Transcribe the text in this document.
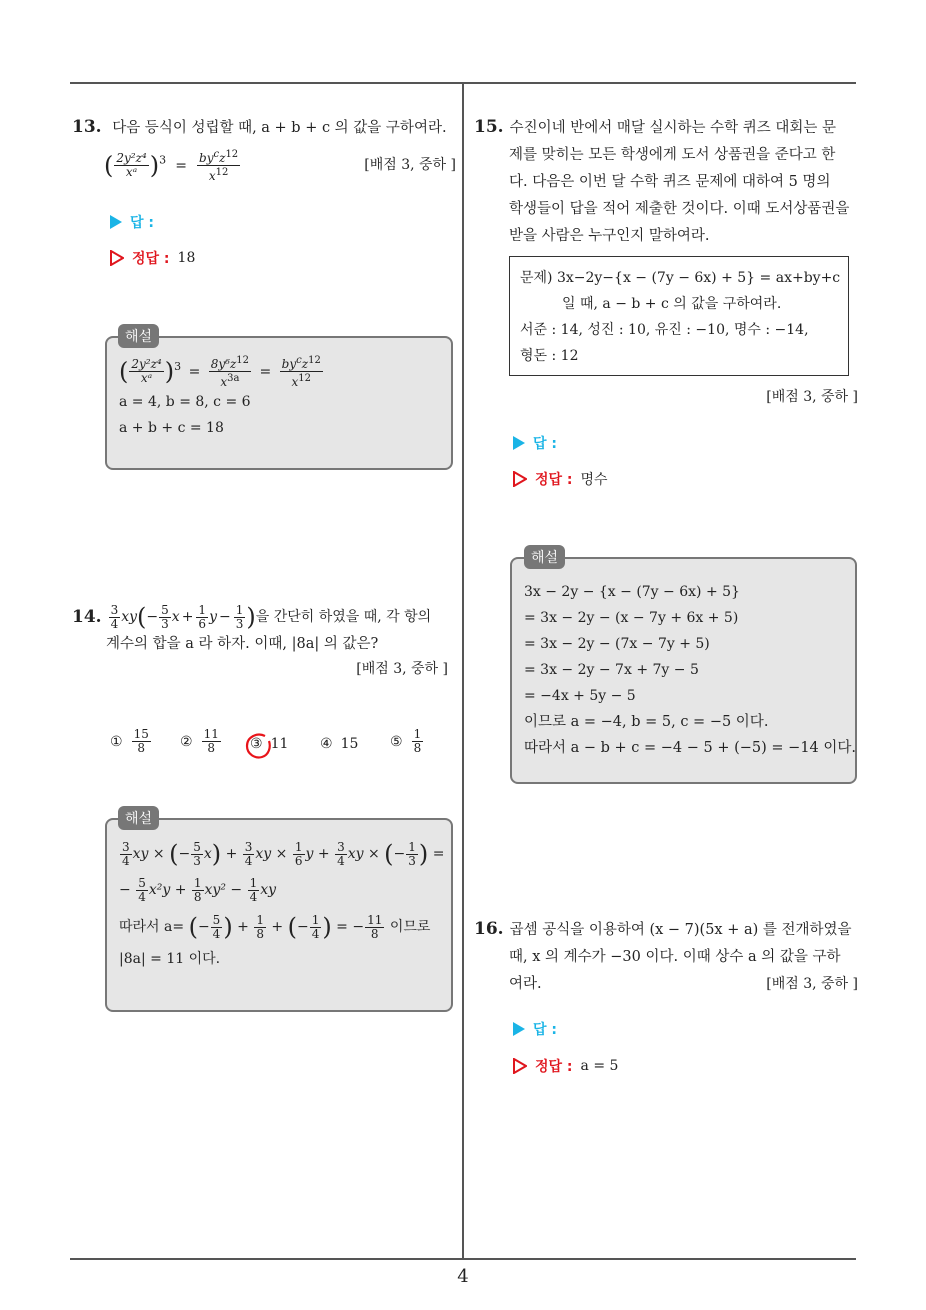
4
13. 다음 등식이 성립할 때, a + b + c 의 값을 구하여라.
( $\frac{\text{2y²z⁴}}{\text{xᵃ}} )^3 = \frac{by^cz^{12}}{x^{12}}$	[배점 3, 중하 ]
답 :
정답 : 18
( $\frac{\text{2y²z⁴}}{\text{xᵃ}} )^3 = \frac{8y^6z^{12}}{x^{3a}} = \frac{by^cz^{12}}{x^{12}}$
a = 4, b = 8, c = 6
a + b + c = 18
해설
14. $\frac{3}{4}$ xy ( − $\frac{5}{3}$ $x + \frac{1}{6}$ $y - \frac{1}{3}$ ) 을 간단히 하였을 때, 각 항의
계수의 합을 a 라 하자. 이때, |8a| 의 값은?
[배점 3, 중하 ]
① $\frac{15}{8}$ ② $\frac{11}{8}$ ③ 11 ④ 15 ⑤ $\frac{1}{8}$
$\frac{3}{4}$ xy × (− $\frac{5}{3} x) + \frac{3}{4}$ xy × $\frac{1}{6}$ $y + \frac{3}{4}$ xy × (− $\frac{1}{3}$ ) =
− $\frac{5}{4} x^2y + \frac{1}{8} xy^2 - \frac{1}{4}$ xy
따라서 a= (− $\frac{5}{4}$ ) + $\frac{1}{8}$ + (− $\frac{1}{4}$ ) = − $\frac{11}{8}$ 이므로
|8a| = 11 이다.
해설
15. 수진이네 반에서 매달 실시하는 수학 퀴즈 대회는 문
제를 맞히는 모든 학생에게 도서 상품권을 준다고 한
다. 다음은 이번 달 수학 퀴즈 문제에 대하여 5 명의
학생들이 답을 적어 제출한 것이다. 이때 도서상품권을
받을 사람은 누구인지 말하여라.
문제) 3x−2y−{x − (7y − 6x) + 5} = ax+by+c
일 때, a − b + c 의 값을 구하여라.
서준 : 14, 성진 : 10, 유진 : −10, 명수 : −14,
형돈 : 12
[배점 3, 중하 ]
답 :
정답 : 명수
3x − 2y − {x − (7y − 6x) + 5}
= 3x − 2y − (x − 7y + 6x + 5)
= 3x − 2y − (7x − 7y + 5)
= 3x − 2y − 7x + 7y − 5
= −4x + 5y − 5
이므로 a = −4, b = 5, c = −5 이다.
따라서 a − b + c = −4 − 5 + (−5) = −14 이다.
해설
16. 곱셈 공식을 이용하여 (x − 7)(5x + a) 를 전개하였을
때, x 의 계수가 −30 이다. 이때 상수 a 의 값을 구하
여라.	[배점 3, 중하 ]
답 :
정답 : a = 5
